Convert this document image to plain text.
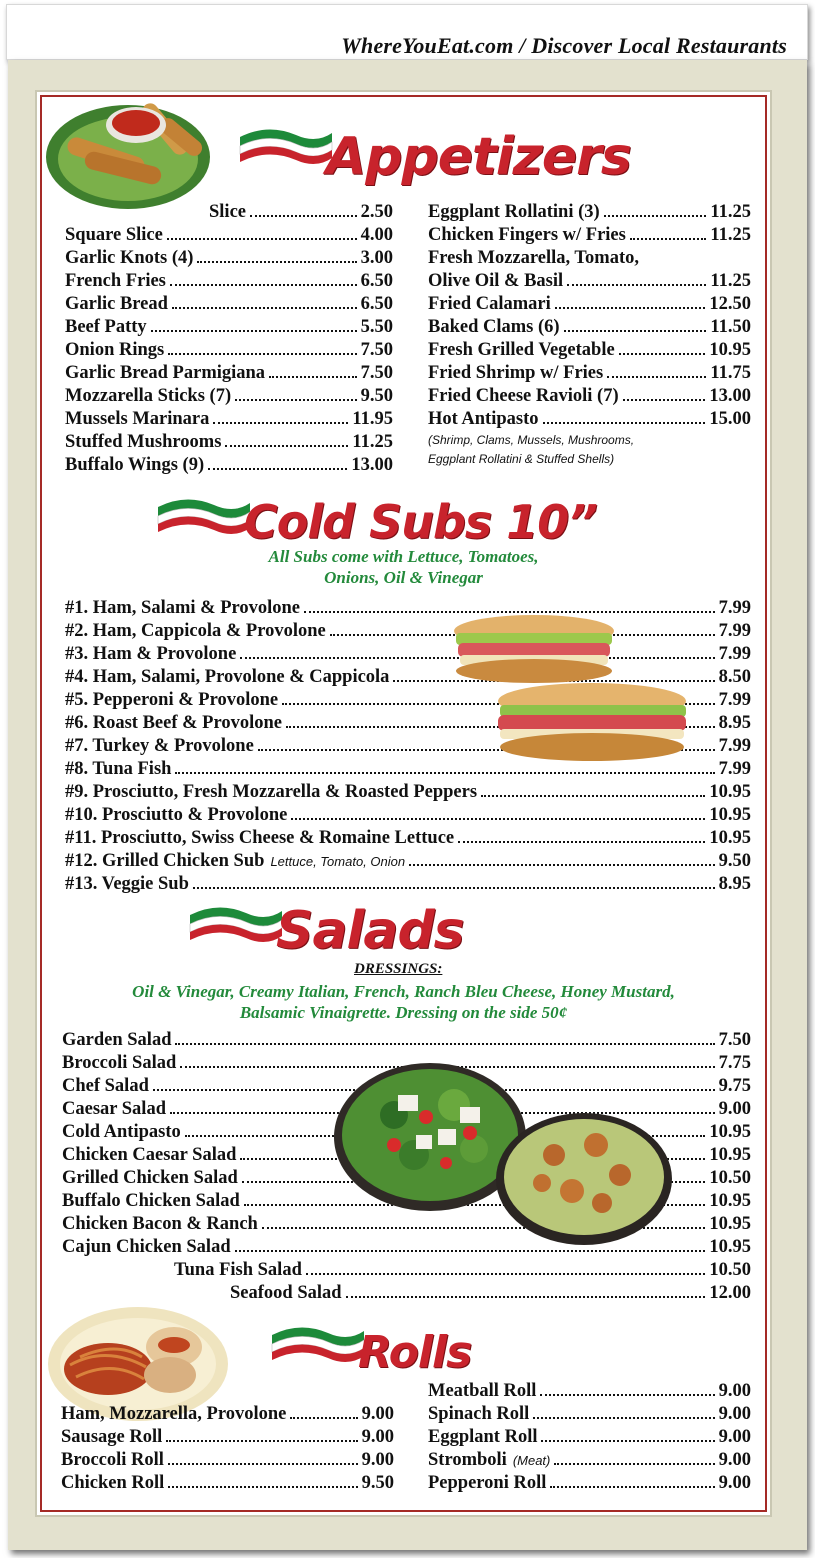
WhereYouEat.com / Discover Local Restaurants
Appetizers
Slice	2.50
Square Slice	4.00
Garlic Knots (4)	3.00
French Fries	6.50
Garlic Bread	6.50
Beef Patty	5.50
Onion Rings	7.50
Garlic Bread Parmigiana	7.50
Mozzarella Sticks (7)	9.50
Mussels Marinara	11.95
Stuffed Mushrooms	11.25
Buffalo Wings (9)	13.00
Eggplant Rollatini (3)	11.25
Chicken Fingers w/ Fries	11.25
Fresh Mozzarella, Tomato,
Olive Oil & Basil	11.25
Fried Calamari	12.50
Baked Clams (6)	11.50
Fresh Grilled Vegetable	10.95
Fried Shrimp w/ Fries	11.75
Fried Cheese Ravioli (7)	13.00
Hot Antipasto	15.00
(Shrimp, Clams, Mussels, Mushrooms,
Eggplant Rollatini & Stuffed Shells)
Cold Subs 10”
All Subs come with Lettuce, Tomatoes,
Onions, Oil & Vinegar
#1. Ham, Salami & Provolone	7.99
#2. Ham, Cappicola & Provolone	7.99
#3. Ham & Provolone	7.99
#4. Ham, Salami, Provolone & Cappicola	8.50
#5. Pepperoni & Provolone	7.99
#6. Roast Beef & Provolone	8.95
#7. Turkey & Provolone	7.99
#8. Tuna Fish	7.99
#9. Prosciutto, Fresh Mozzarella & Roasted Peppers	10.95
#10. Prosciutto & Provolone	10.95
#11. Prosciutto, Swiss Cheese & Romaine Lettuce	10.95
#12. Grilled Chicken Sub Lettuce, Tomato, Onion	9.50
#13. Veggie Sub	8.95
Salads
DRESSINGS:
Oil & Vinegar, Creamy Italian, French, Ranch Bleu Cheese, Honey Mustard,
Balsamic Vinaigrette. Dressing on the side 50¢
Garden Salad	7.50
Broccoli Salad	7.75
Chef Salad	9.75
Caesar Salad	9.00
Cold Antipasto	10.95
Chicken Caesar Salad	10.95
Grilled Chicken Salad	10.50
Buffalo Chicken Salad	10.95
Chicken Bacon & Ranch	10.95
Cajun Chicken Salad	10.95
Tuna Fish Salad	10.50
Seafood Salad	12.00
Rolls
Ham, Mozzarella, Provolone	9.00
Sausage Roll	9.00
Broccoli Roll	9.00
Chicken Roll	9.50
Meatball Roll	9.00
Spinach Roll	9.00
Eggplant Roll	9.00
Stromboli (Meat)	9.00
Pepperoni Roll	9.00
